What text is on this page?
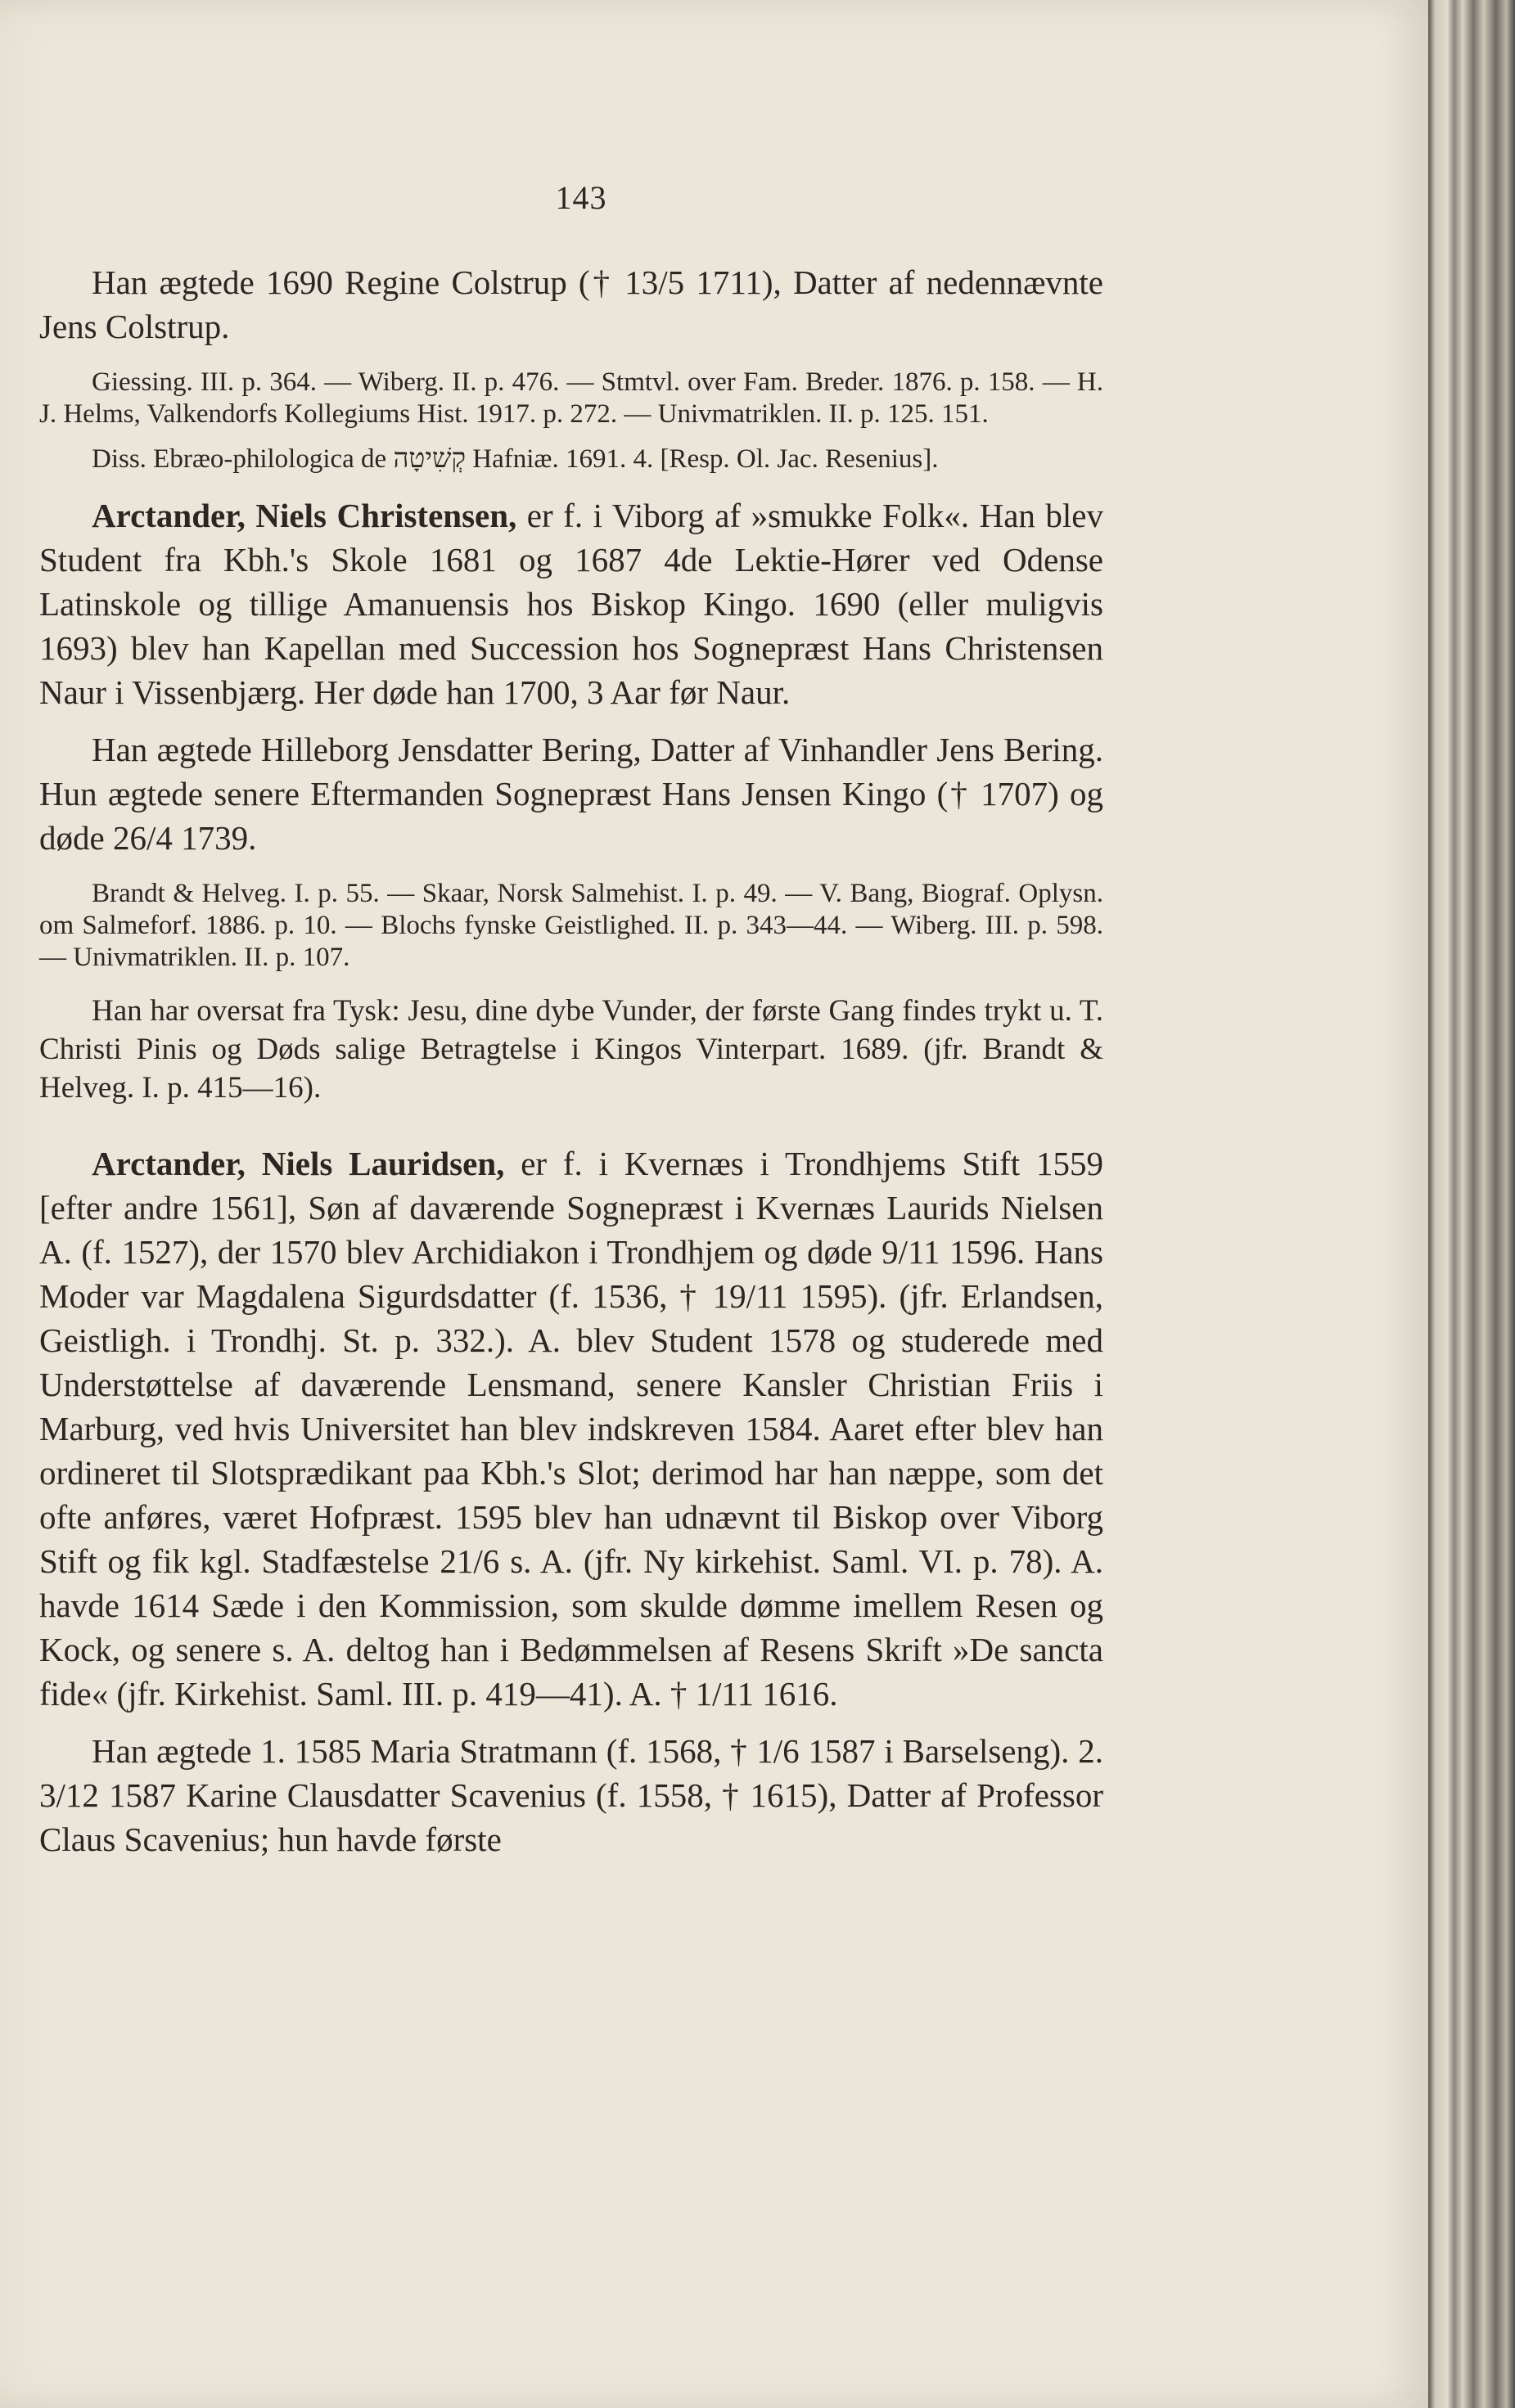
143

Han ægtede 1690 Regine Colstrup († 13/5 1711), Datter af nedennævnte Jens Colstrup.

Giessing. III. p. 364. — Wiberg. II. p. 476. — Stmtvl. over Fam. Breder. 1876. p. 158. — H. J. Helms, Valkendorfs Kollegiums Hist. 1917. p. 272. — Univmatriklen. II. p. 125. 151.

Diss. Ebræo-philologica de קְשִׁיטָה Hafniæ. 1691. 4. [Resp. Ol. Jac. Resenius].

Arctander, Niels Christensen, er f. i Viborg af »smukke Folk«. Han blev Student fra Kbh.'s Skole 1681 og 1687 4de Lektie-Hører ved Odense Latinskole og tillige Amanuensis hos Biskop Kingo. 1690 (eller muligvis 1693) blev han Kapellan med Succession hos Sognepræst Hans Christensen Naur i Vissenbjærg. Her døde han 1700, 3 Aar før Naur.

Han ægtede Hilleborg Jensdatter Bering, Datter af Vinhandler Jens Bering. Hun ægtede senere Eftermanden Sognepræst Hans Jensen Kingo († 1707) og døde 26/4 1739.

Brandt & Helveg. I. p. 55. — Skaar, Norsk Salmehist. I. p. 49. — V. Bang, Biograf. Oplysn. om Salmeforf. 1886. p. 10. — Blochs fynske Geistlighed. II. p. 343—44. — Wiberg. III. p. 598. — Univmatriklen. II. p. 107.

Han har oversat fra Tysk: Jesu, dine dybe Vunder, der første Gang findes trykt u. T. Christi Pinis og Døds salige Betragtelse i Kingos Vinterpart. 1689. (jfr. Brandt & Helveg. I. p. 415—16).

Arctander, Niels Lauridsen, er f. i Kvernæs i Trondhjems Stift 1559 [efter andre 1561], Søn af daværende Sognepræst i Kvernæs Laurids Nielsen A. (f. 1527), der 1570 blev Archidiakon i Trondhjem og døde 9/11 1596. Hans Moder var Magdalena Sigurdsdatter (f. 1536, † 19/11 1595). (jfr. Erlandsen, Geistligh. i Trondhj. St. p. 332.). A. blev Student 1578 og studerede med Understøttelse af daværende Lensmand, senere Kansler Christian Friis i Marburg, ved hvis Universitet han blev indskreven 1584. Aaret efter blev han ordineret til Slotsprædikant paa Kbh.'s Slot; derimod har han næppe, som det ofte anføres, været Hofpræst. 1595 blev han udnævnt til Biskop over Viborg Stift og fik kgl. Stadfæstelse 21/6 s. A. (jfr. Ny kirkehist. Saml. VI. p. 78). A. havde 1614 Sæde i den Kommission, som skulde dømme imellem Resen og Kock, og senere s. A. deltog han i Bedømmelsen af Resens Skrift »De sancta fide« (jfr. Kirkehist. Saml. III. p. 419—41). A. † 1/11 1616.

Han ægtede 1. 1585 Maria Stratmann (f. 1568, † 1/6 1587 i Barselseng). 2. 3/12 1587 Karine Clausdatter Scavenius (f. 1558, † 1615), Datter af Professor Claus Scavenius; hun havde første
